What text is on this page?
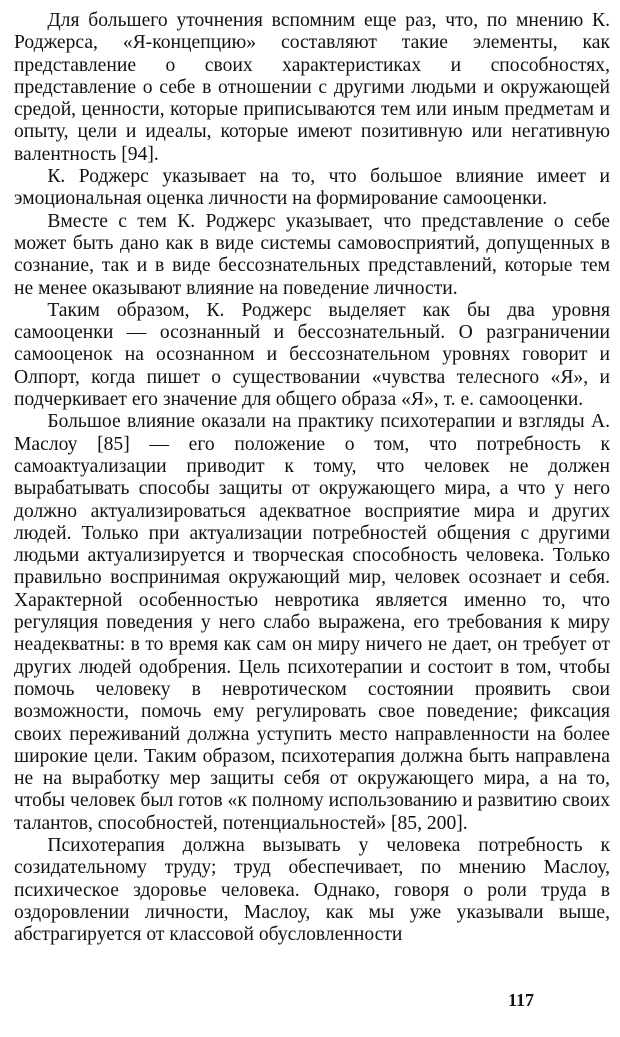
Для большего уточнения вспомним еще раз, что, по мнению К. Роджерса, «Я-концепцию» составляют такие элементы, как представление о своих характеристиках и способностях, представление о себе в отношении с другими людьми и окружающей средой, ценности, которые приписываются тем или иным предметам и опыту, цели и идеалы, которые имеют позитивную или негативную валентность [94].

К. Роджерс указывает на то, что большое влияние имеет и эмоциональная оценка личности на формирование самооценки.

Вместе с тем К. Роджерс указывает, что представление о себе может быть дано как в виде системы самовосприятий, допущенных в сознание, так и в виде бессознательных представлений, которые тем не менее оказывают влияние на поведение личности.

Таким образом, К. Роджерс выделяет как бы два уровня самооценки — осознанный и бессознательный. О разграничении самооценок на осознанном и бессознательном уровнях говорит и Олпорт, когда пишет о существовании «чувства телесного «Я», и подчеркивает его значение для общего образа «Я», т. е. самооценки.

Большое влияние оказали на практику психотерапии и взгляды А. Маслоу [85] — его положение о том, что потребность к самоактуализации приводит к тому, что человек не должен вырабатывать способы защиты от окружающего мира, а что у него должно актуализироваться адекватное восприятие мира и других людей. Только при актуализации потребностей общения с другими людьми актуализируется и творческая способность человека. Только правильно воспринимая окружающий мир, человек осознает и себя. Характерной особенностью невротика является именно то, что регуляция поведения у него слабо выражена, его требования к миру неадекватны: в то время как сам он миру ничего не дает, он требует от других людей одобрения. Цель психотерапии и состоит в том, чтобы помочь человеку в невротическом состоянии проявить свои возможности, помочь ему регулировать свое поведение; фиксация своих переживаний должна уступить место направленности на более широкие цели. Таким образом, психотерапия должна быть направлена не на выработку мер защиты себя от окружающего мира, а на то, чтобы человек был готов «к полному использованию и развитию своих талантов, способностей, потенциальностей» [85, 200].

Психотерапия должна вызывать у человека потребность к созидательному труду; труд обеспечивает, по мнению Маслоу, психическое здоровье человека. Однако, говоря о роли труда в оздоровлении личности, Маслоу, как мы уже указывали выше, абстрагируется от классовой обусловленности

117
